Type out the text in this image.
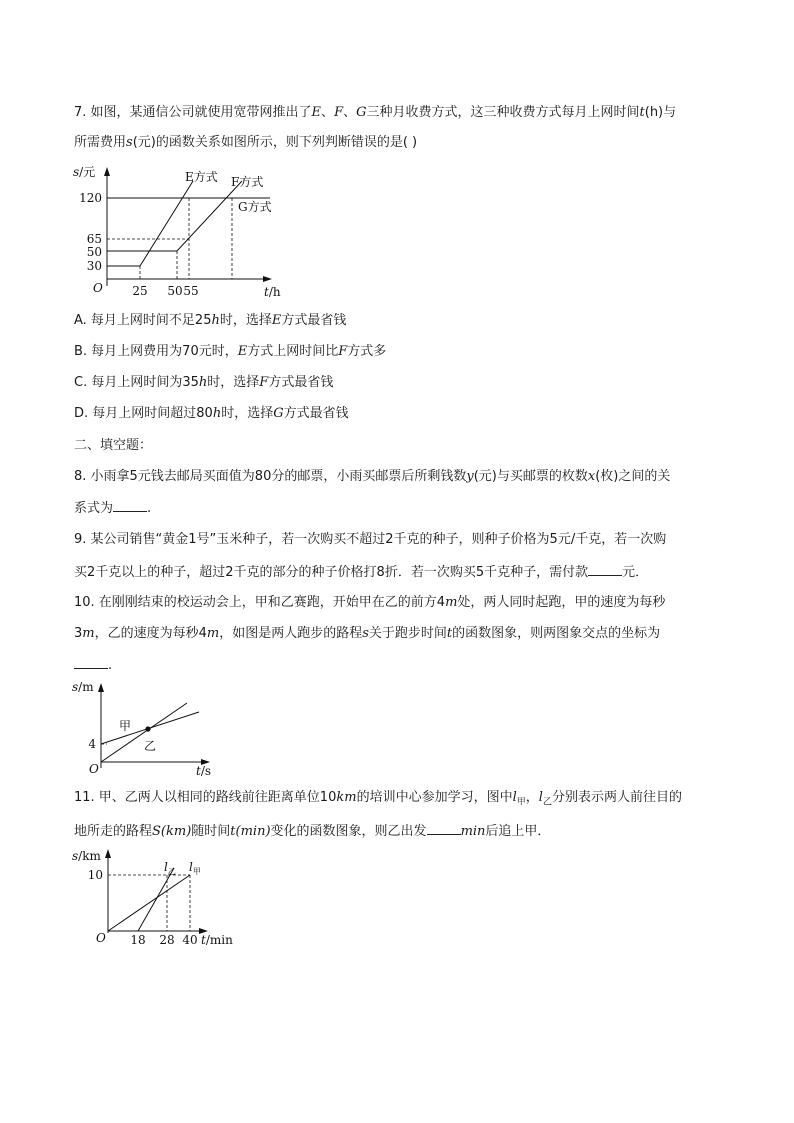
7. 如图，某通信公司就使用宽带网推出了E、F、G三种月收费方式，这三种收费方式每月上网时间t(h)与
所需费用s(元)的函数关系如图所示，则下列判断错误的是( )
s/元
120
65
50
30
O 25 50 55	t/h
E方式 F方式
G方式
A. 每月上网时间不足25h时，选择E方式最省钱
B. 每月上网费用为70元时，E方式上网时间比F方式多
C. 每月上网时间为35h时，选择F方式最省钱
D. 每月上网时间超过80h时，选择G方式最省钱
二、填空题：
8. 小雨拿5元钱去邮局买面值为80分的邮票，小雨买邮票后所剩钱数y(元)与买邮票的枚数x(枚)之间的关
系式为	.
9. 某公司销售“黄金1号”玉米种子，若一次购买不超过2千克的种子，则种子价格为5元/千克，若一次购
买2千克以上的种子，超过2千克的部分的种子价格打8折．若一次购买5千克种子，需付款	元．
10. 在刚刚结束的校运动会上，甲和乙赛跑，开始甲在乙的前方4m处，两人同时起跑，甲的速度为每秒
3m，乙的速度为每秒4m，如图是两人跑步的路程s关于跑步时间t的函数图象，则两图象交点的坐标为
.
s/m
4
O	t/s
甲
乙
11. 甲、乙两人以相同的路线前往距离单位10km的培训中心参加学习，图中$l_甲$，$l_乙$分别表示两人前往目的
地所走的路程S(km)随时间t(min)变化的函数图象，则乙出发	min后追上甲．
s/km
10
O 18 28 40 t/min
$l_乙$ $l_甲$
